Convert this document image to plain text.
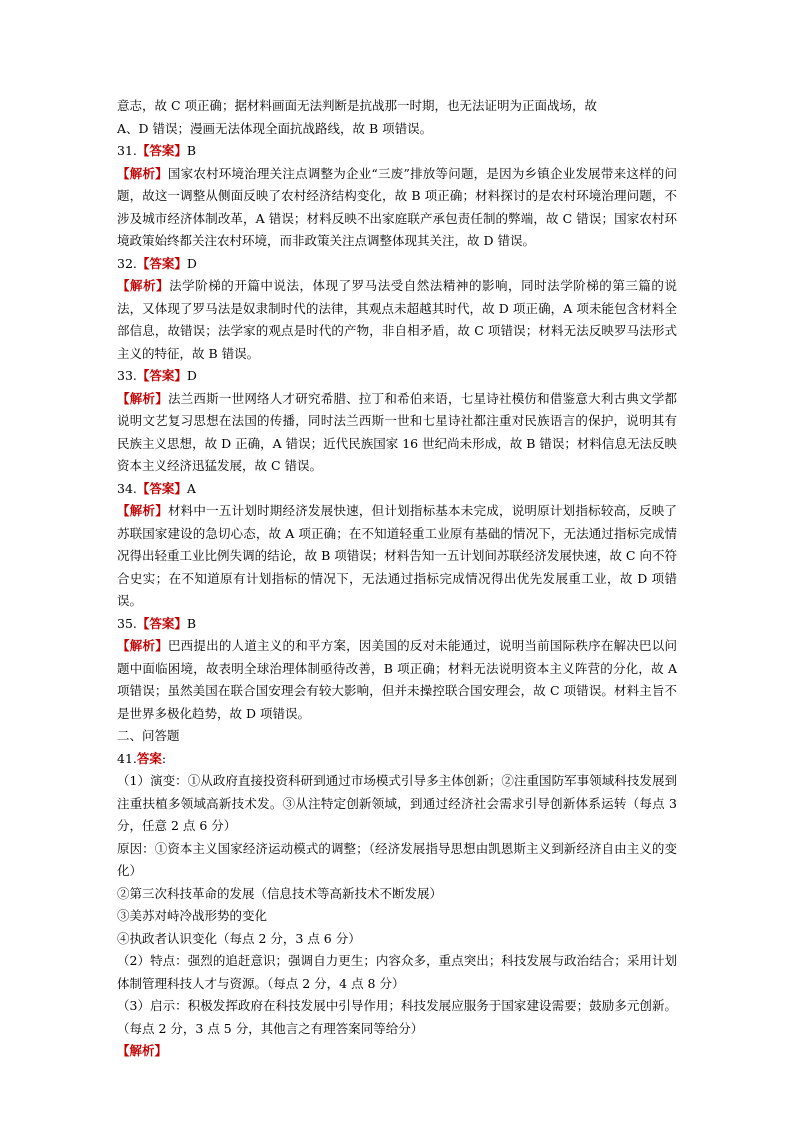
意志，故 C 项正确；据材料画面无法判断是抗战那一时期，也无法证明为正面战场，故

A、D 错误；漫画无法体现全面抗战路线，故 B 项错误。

31.【答案】B

【解析】国家农村环境治理关注点调整为企业“三废”排放等问题，是因为乡镇企业发展带来这样的问题，故这一调整从侧面反映了农村经济结构变化，故 B 项正确；材料探讨的是农村环境治理问题，不涉及城市经济体制改革，A 错误；材料反映不出家庭联产承包责任制的弊端，故 C 错误；国家农村环境政策始终都关注农村环境，而非政策关注点调整体现其关注，故 D 错误。

32.【答案】D

【解析】法学阶梯的开篇中说法，体现了罗马法受自然法精神的影响，同时法学阶梯的第三篇的说法，又体现了罗马法是奴隶制时代的法律，其观点未超越其时代，故 D 项正确，A 项未能包含材料全部信息，故错误；法学家的观点是时代的产物，非自相矛盾，故 C 项错误；材料无法反映罗马法形式主义的特征，故 B 错误。

33.【答案】D

【解析】法兰西斯一世网络人才研究希腊、拉丁和希伯来语，七星诗社模仿和借鉴意大利古典文学都说明文艺复习思想在法国的传播，同时法兰西斯一世和七星诗社都注重对民族语言的保护，说明其有民族主义思想，故 D 正确，A 错误；近代民族国家 16 世纪尚未形成，故 B 错误；材料信息无法反映资本主义经济迅猛发展，故 C 错误。

34.【答案】A

【解析】材料中一五计划时期经济发展快速，但计划指标基本未完成，说明原计划指标较高，反映了苏联国家建设的急切心态，故 A 项正确；在不知道轻重工业原有基础的情况下，无法通过指标完成情况得出轻重工业比例失调的结论，故 B 项错误；材料告知一五计划间苏联经济发展快速，故 C 向不符合史实；在不知道原有计划指标的情况下，无法通过指标完成情况得出优先发展重工业，故 D 项错误。

35.【答案】B

【解析】巴西提出的人道主义的和平方案，因美国的反对未能通过，说明当前国际秩序在解决巴以问题中面临困境，故表明全球治理体制亟待改善，B 项正确；材料无法说明资本主义阵营的分化，故 A 项错误；虽然美国在联合国安理会有较大影响，但并未操控联合国安理会，故 C 项错误。材料主旨不是世界多极化趋势，故 D 项错误。

二、问答题

41.答案:

（1）演变：①从政府直接投资科研到通过市场模式引导多主体创新；②注重国防军事领域科技发展到注重扶植多领域高新技术发。③从注特定创新领域，到通过经济社会需求引导创新体系运转（每点 3 分，任意 2 点 6 分）

原因：①资本主义国家经济运动模式的调整；（经济发展指导思想由凯恩斯主义到新经济自由主义的变化）

②第三次科技革命的发展（信息技术等高新技术不断发展）

③美苏对峙冷战形势的变化

④执政者认识变化（每点 2 分，3 点 6 分）

（2）特点：强烈的追赶意识；强调自力更生；内容众多，重点突出；科技发展与政治结合；采用计划体制管理科技人才与资源。（每点 2 分，4 点 8 分）

（3）启示：积极发挥政府在科技发展中引导作用；科技发展应服务于国家建设需要；鼓励多元创新。（每点 2 分，3 点 5 分，其他言之有理答案同等给分）

【解析】
